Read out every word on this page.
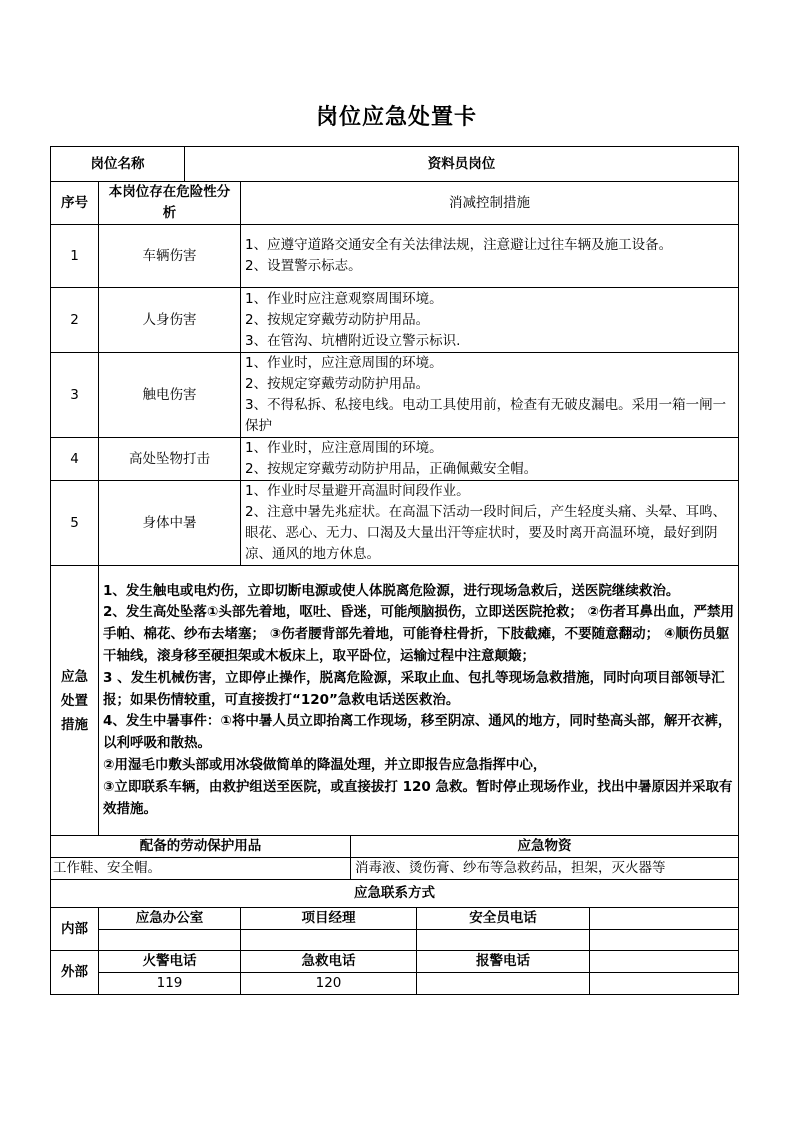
岗位应急处置卡
岗位名称		资料员岗位				
序号	本岗位存在危险性分析		消减控制措施			
1	车辆伤害		1、应遵守道路交通安全有关法律法规，注意避让过往车辆及施工设备。
2、设置警示标志。			

2	人身伤害		1、作业时应注意观察周围环境。
2、按规定穿戴劳动防护用品。
3、在管沟、坑槽附近设立警示标识.			

3	触电伤害		1、作业时，应注意周围的环境。
2、按规定穿戴劳动防护用品。
3、不得私拆、私接电线。电动工具使用前，检查有无破皮漏电。采用一箱一闸一保护			

4	高处坠物打击		1、作业时，应注意周围的环境。
2、按规定穿戴劳动防护用品，正确佩戴安全帽。			

5	身体中暑		1、作业时尽量避开高温时间段作业。
2、注意中暑先兆症状。在高温下活动一段时间后，产生轻度头痛、头晕、耳鸣、眼花、恶心、无力、口渴及大量出汗等症状时，要及时离开高温环境，最好到阴凉、通风的地方休息。			

应急
处置
措施

1、发生触电或电灼伤，立即切断电源或使人体脱离危险源，进行现场急救后，送医院继续救治。
2、发生高处坠落①头部先着地，呕吐、昏迷，可能颅脑损伤，立即送医院抢救； ②伤者耳鼻出血，严禁用手帕、棉花、纱布去堵塞； ③伤者腰背部先着地，可能脊柱骨折，下肢截瘫，不要随意翻动； ④顺伤员躯干轴线，滚身移至硬担架或木板床上，取平卧位，运输过程中注意颠簸；
3 、发生机械伤害，立即停止操作，脱离危险源，采取止血、包扎等现场急救措施，同时向项目部领导汇报；如果伤情较重，可直接拨打“120”急救电话送医救治。
4、发生中暑事件：①将中暑人员立即抬离工作现场，移至阴凉、通风的地方，同时垫高头部，解开衣裤，以利呼吸和散热。
②用湿毛巾敷头部或用冰袋做简单的降温处理，并立即报告应急指挥中心，
③立即联系车辆，由救护组送至医院，或直接拔打 120 急救。暂时停止现场作业，找出中暑原因并采取有效措施。

配备的劳动保护用品				应急物资		
工作鞋、安全帽。				消毒液、烫伤膏、纱布等急救药品，担架，灭火器等		
应急联系方式						
内部	应急办公室		项目经理		安全员电话	

外部	火警电话		急救电话		报警电话	
	119		120			
